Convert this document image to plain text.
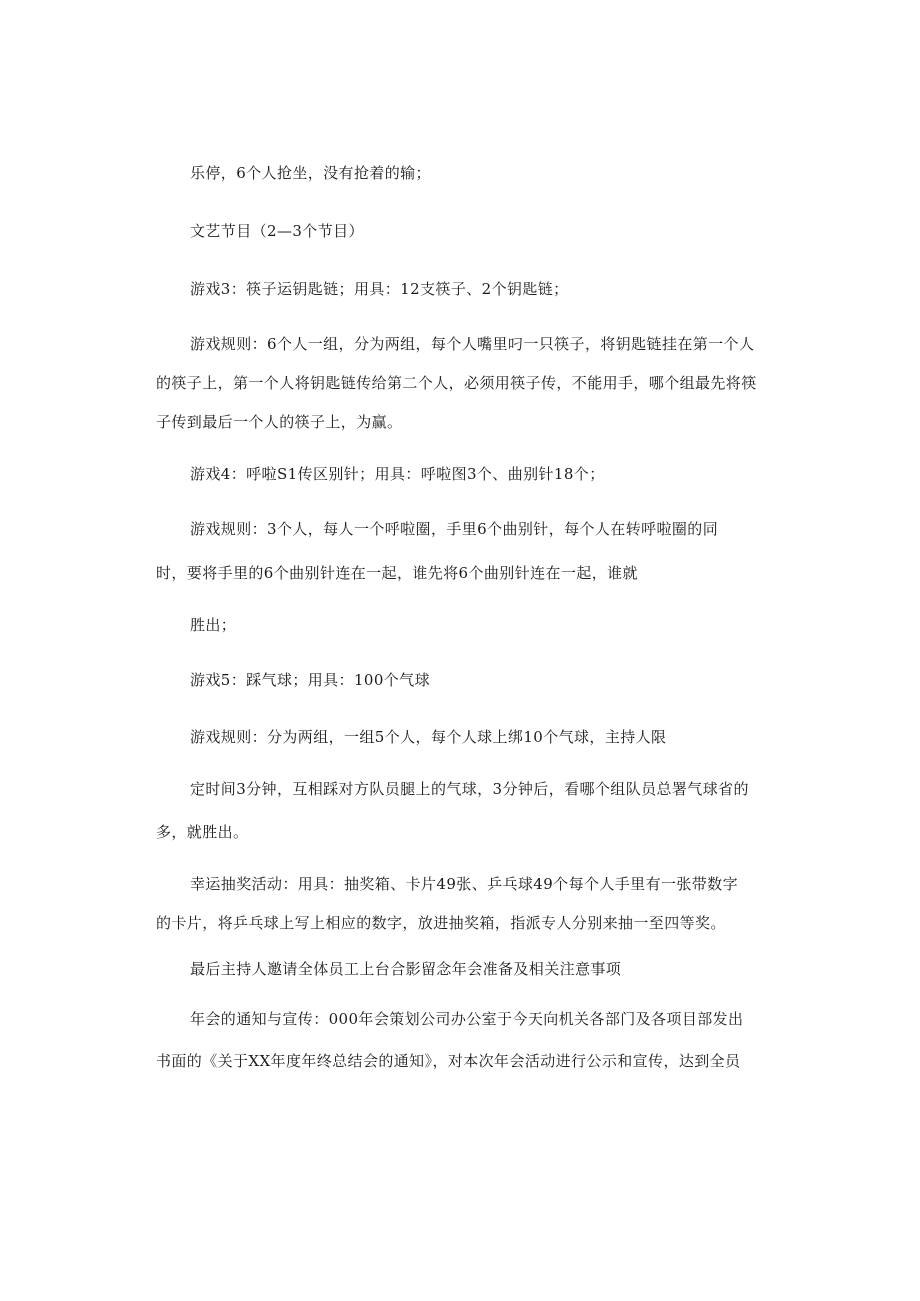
乐停，6个人抢坐，没有抢着的输；
文艺节目（2—3个节目）
游戏3：筷子运钥匙链；用具：12支筷子、2个钥匙链；
游戏规则：6个人一组，分为两组，每个人嘴里叼一只筷子，将钥匙链挂在第一个人
的筷子上，第一个人将钥匙链传给第二个人，必须用筷子传，不能用手，哪个组最先将筷
子传到最后一个人的筷子上，为赢。
游戏4：呼啦S1传区别针；用具：呼啦图3个、曲别针18个；
游戏规则：3个人，每人一个呼啦圈，手里6个曲别针，每个人在转呼啦圈的同
时，要将手里的6个曲别针连在一起，谁先将6个曲别针连在一起，谁就
胜出；
游戏5：踩气球；用具：100个气球
游戏规则：分为两组，一组5个人，每个人球上绑10个气球，主持人限
定时间3分钟，互相踩对方队员腿上的气球，3分钟后，看哪个组队员总署气球省的
多，就胜出。
幸运抽奖活动：用具：抽奖箱、卡片49张、乒乓球49个每个人手里有一张带数字
的卡片，将乒乓球上写上相应的数字，放进抽奖箱，指派专人分别来抽一至四等奖。
最后主持人邀请全体员工上台合影留念年会准备及相关注意事项
年会的通知与宣传：000年会策划公司办公室于今天向机关各部门及各项目部发出
书面的《关于XX年度年终总结会的通知》，对本次年会活动进行公示和宣传，达到全员
